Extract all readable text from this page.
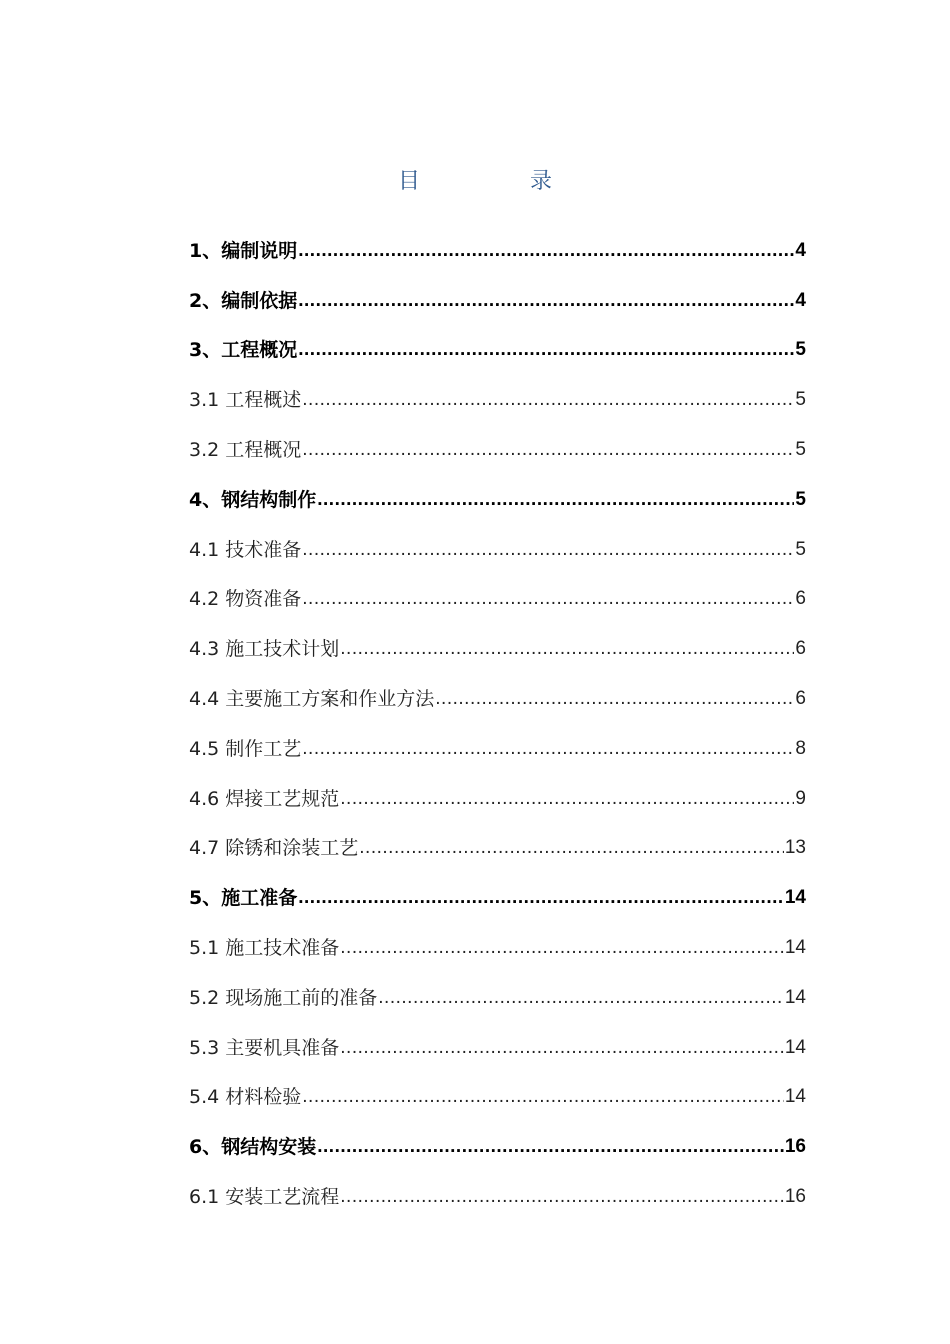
目　录
1、编制说明 .....	4
2、编制依据 .....	4
3、工程概况 .....	5
3.1 工程概述 .....	5
3.2 工程概况 .....	5
4、钢结构制作 .....	5
4.1 技术准备 .....	5
4.2 物资准备 .....	6
4.3 施工技术计划 .....	6
4.4 主要施工方案和作业方法 .....	6
4.5 制作工艺 .....	8
4.6 焊接工艺规范 .....	9
4.7 除锈和涂装工艺 .....	13
5、施工准备 .....	14
5.1 施工技术准备 .....	14
5.2 现场施工前的准备 .....	14
5.3 主要机具准备 .....	14
5.4 材料检验 .....	14
6、钢结构安装 .....	16
6.1 安装工艺流程 .....	16
